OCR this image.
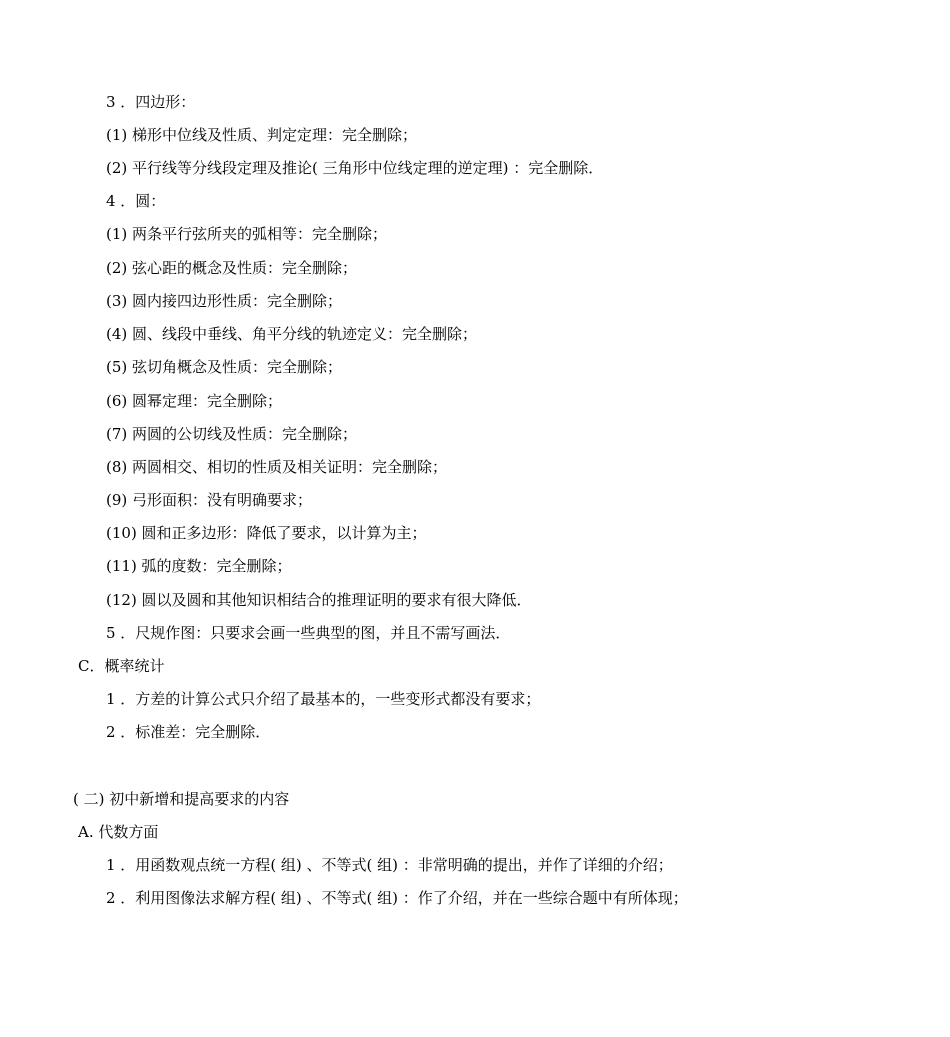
3 ．四边形：
(1) 梯形中位线及性质、判定定理：完全删除；
(2) 平行线等分线段定理及推论( 三角形中位线定理的逆定理) ：完全删除．
4 ．圆：
(1) 两条平行弦所夹的弧相等：完全删除；
(2) 弦心距的概念及性质：完全删除；
(3) 圆内接四边形性质：完全删除；
(4) 圆、线段中垂线、角平分线的轨迹定义：完全删除；
(5) 弦切角概念及性质：完全删除；
(6) 圆幂定理：完全删除；
(7) 两圆的公切线及性质：完全删除；
(8) 两圆相交、相切的性质及相关证明：完全删除；
(9) 弓形面积：没有明确要求；
(10) 圆和正多边形：降低了要求，以计算为主；
(11) 弧的度数：完全删除；
(12) 圆以及圆和其他知识相结合的推理证明的要求有很大降低．
5 ．尺规作图：只要求会画一些典型的图，并且不需写画法．
C．概率统计
1 ．方差的计算公式只介绍了最基本的，一些变形式都没有要求；
2 ．标准差：完全删除．
( 二) 初中新增和提高要求的内容
A. 代数方面
1 ．用函数观点统一方程( 组) 、不等式( 组) ：非常明确的提出，并作了详细的介绍；
2 ．利用图像法求解方程( 组) 、不等式( 组) ：作了介绍，并在一些综合题中有所体现；
